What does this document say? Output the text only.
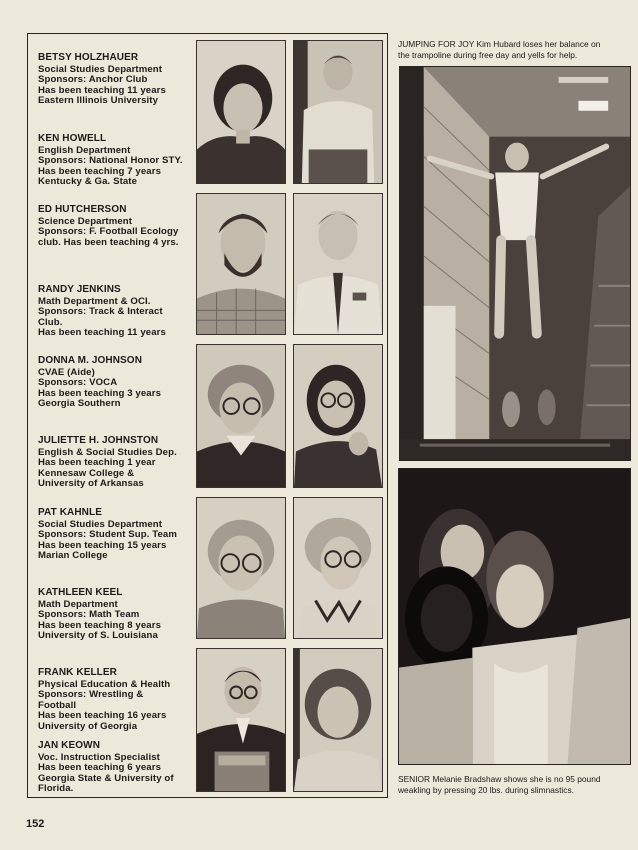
BETSY HOLZHAUER
Social Studies Department
Sponsors: Anchor Club
Has been teaching 11 years
Eastern Illinois University
KEN HOWELL
English Department
Sponsors: National Honor STY.
Has been teaching 7 years
Kentucky & Ga. State
ED HUTCHERSON
Science Department
Sponsors: F. Football Ecology
club. Has been teaching 4 yrs.
RANDY JENKINS
Math Department & OCI.
Sponsors: Track & Interact
Club.
Has been teaching 11 years
DONNA M. JOHNSON
CVAE (Aide)
Sponsors: VOCA
Has been teaching 3 years
Georgia Southern
JULIETTE H. JOHNSTON
English & Social Studies Dep.
Has been teaching 1 year
Kennesaw College &
University of Arkansas
PAT KAHNLE
Social Studies Department
Sponsors: Student Sup. Team
Has been teaching 15 years
Marian College
KATHLEEN KEEL
Math Department
Sponsors: Math Team
Has been teaching 8 years
University of S. Louisiana
FRANK KELLER
Physical Education & Health
Sponsors: Wrestling &
Football
Has been teaching 16 years
University of Georgia
JAN KEOWN
Voc. Instruction Specialist
Has been teaching 6 years
Georgia State & University of
Florida.
JUMPING FOR JOY Kim Hubard loses her balance on the trampoline during free day and yells for help.
SENIOR Melanie Bradshaw shows she is no 95 pound weakling by pressing 20 lbs. during slimnastics.
152
